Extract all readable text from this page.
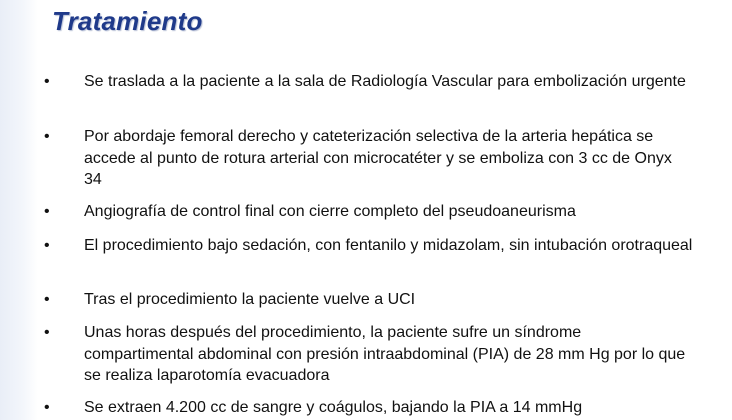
Tratamiento
•	Se traslada a la paciente a la sala de Radiología Vascular para embolización urgente
•	Por abordaje femoral derecho y cateterización selectiva de la arteria hepática se accede al punto de rotura arterial con microcatéter y se emboliza con 3 cc de Onyx 34
•	Angiografía de control final con cierre completo del pseudoaneurisma
•	El procedimiento bajo sedación, con fentanilo y midazolam, sin intubación orotraqueal
•	Tras el procedimiento la paciente vuelve a UCI
•	Unas horas después del procedimiento, la paciente sufre un síndrome compartimental abdominal con presión intraabdominal (PIA) de 28 mm Hg por lo que se realiza laparotomía evacuadora
•	Se extraen 4.200 cc de sangre y coágulos, bajando la PIA a 14 mmHg
